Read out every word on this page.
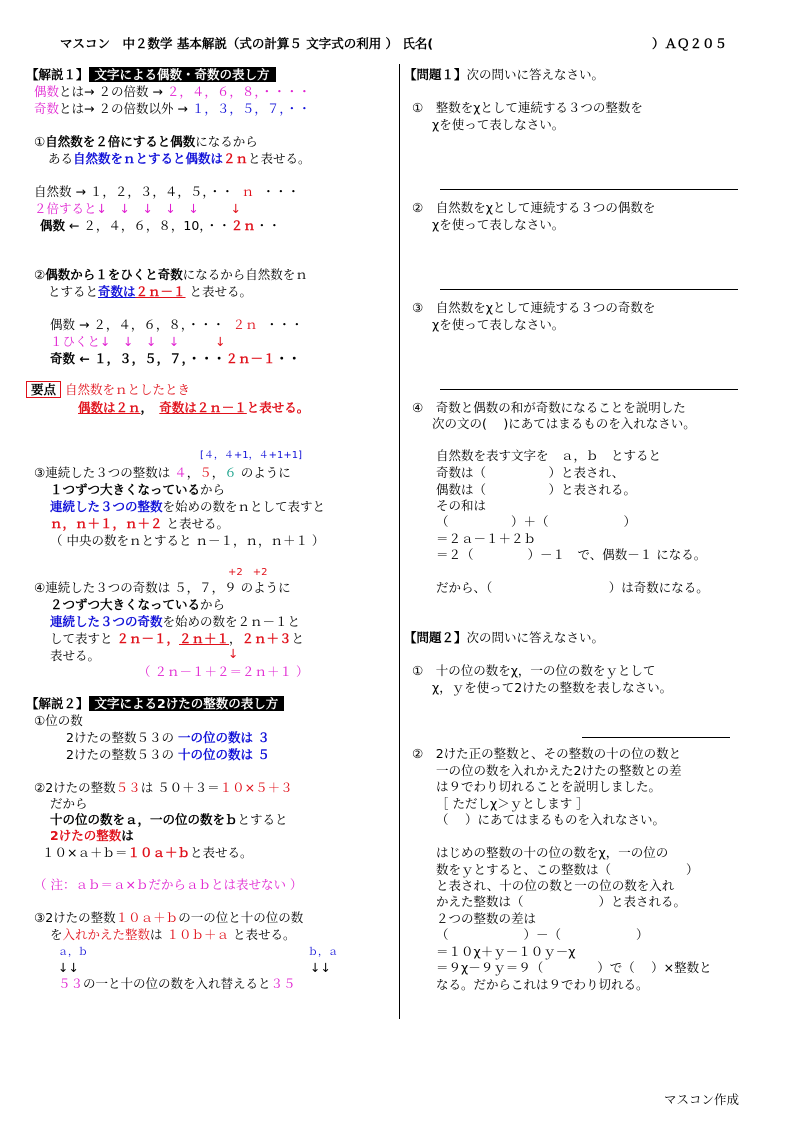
マスコン　中２数学 基本解説（式の計算５ 文字式の利用 ） 氏名(	）ＡＱ２０５
【解説１】 文字による偶数・奇数の表し方
偶数とは→ ２の倍数 → ２，４，６，８，・・・・
奇数とは→ ２の倍数以外 → １，３，５，７，・・
①自然数を２倍にすると偶数になるから
ある自然数をｎとすると偶数は２ｎと表せる。
自然数 → １，２，３，４，５，・・ ｎ ・・・
２倍すると↓　↓　↓　↓　↓	↓
偶数 ← ２，４，６，８，10，・・２ｎ・・
②偶数から１をひくと奇数になるから自然数をｎ
とすると奇数は２ｎ－１ と表せる。
偶数 → ２，４，６，８，・・・ ２ｎ ・・・
１ひくと↓　↓　↓　↓	↓
奇数 ← １，３，５，７，・・・２ｎ－１・・
要点 自然数をｎとしたとき
偶数は２ｎ，　奇数は２ｎ－１と表せる。
[４，４+1，４+1+1]
③連続した３つの整数は ４，５，６ のように
１つずつ大きくなっているから
連続した３つの整数を始めの数をｎとして表すと
ｎ，ｎ＋１，ｎ＋２ と表せる。
（ 中央の数をｎとすると ｎ－１，ｎ，ｎ＋１ ）
+2　+2
④連続した３つの奇数は ５，７，９ のように
２つずつ大きくなっているから
連続した３つの奇数を始めの数を２ｎ－１と
して表すと ２ｎ－１，２ｎ＋１，２ｎ＋３と
表せる。	↓
（ ２ｎ－１＋２＝２ｎ＋１ ）
【解説２】 文字による2けたの整数の表し方
①位の数
2けたの整数５３の 一の位の数は ３
2けたの整数５３の 十の位の数は ５
②2けたの整数５３は ５０＋３＝１０×５＋３
だから
十の位の数をａ，一の位の数をｂとすると
2けたの整数は
１０×ａ＋ｂ＝１０ａ＋ｂと表せる。
（ 注：ａｂ＝ａ×ｂだからａｂとは表せない ）
③2けたの整数１０ａ＋ｂの一の位と十の位の数
を入れかえた整数は １０ｂ＋ａ と表せる。
ａ，ｂ	ｂ，ａ
↓↓	↓↓
５３の一と十の位の数を入れ替えると３５
【問題１】次の問いに答えなさい。
①　整数をχとして連続する３つの整数を
χを使って表しなさい。
②　自然数をχとして連続する３つの偶数を
χを使って表しなさい。
③　自然数をχとして連続する３つの奇数を
χを使って表しなさい。
④　奇数と偶数の和が奇数になることを説明した
次の文の(　 )にあてはまるものを入れなさい。
自然数を表す文字を　ａ，ｂ　とすると
奇数は（　　　　　）と表され、
偶数は（　　　　　）と表される。
その和は
（　　　　　）＋（　　　　　　）
＝２ａ－１＋２ｂ
＝２（　　　　 ）－１　で、偶数－１ になる。
だから、（　　　　　　　　　 ）は奇数になる。
【問題２】次の問いに答えなさい。
①　十の位の数をχ，一の位の数をｙとして
χ，ｙを使って2けたの整数を表しなさい。
②　2けた正の整数と、その整数の十の位の数と
一の位の数を入れかえた2けたの整数との差
は９でわり切れることを説明しました。
［ ただしχ＞ｙとします ］
（　 ）にあてはまるものを入れなさい。
はじめの整数の十の位の数をχ，一の位の
数をｙとすると、この整数は（　　　　　　）
と表され、十の位の数と一の位の数を入れ
かえた整数は（　　　　　　）と表される。
２つの整数の差は
（　　　　　　）－（　　　　　　）
＝１０χ＋ｙ－１０ｙ－χ
＝９χ－９ｙ＝９（　　　　 ）で（　 ）×整数と
なる。だからこれは９でわり切れる。
マスコン作成
